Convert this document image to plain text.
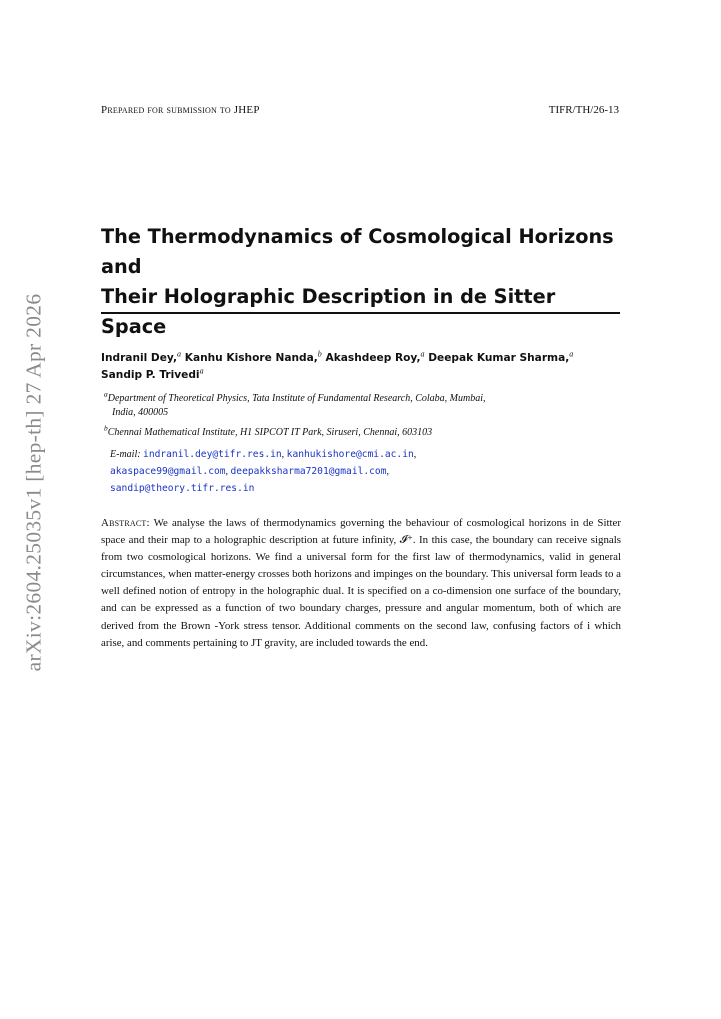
arXiv:2604.25035v1 [hep-th] 27 Apr 2026
Prepared for submission to JHEP	TIFR/TH/26-13
The Thermodynamics of Cosmological Horizons and
Their Holographic Description in de Sitter Space
Indranil Dey,$^a$ Kanhu Kishore Nanda,$^b$ Akashdeep Roy,$^a$ Deepak Kumar Sharma,$^a$
Sandip P. Trivedi$^a$
$^a$Department of Theoretical Physics, Tata Institute of Fundamental Research, Colaba, Mumbai,
India, 400005
$^b$Chennai Mathematical Institute, H1 SIPCOT IT Park, Siruseri, Chennai, 603103
E-mail: indranil.dey@tifr.res.in, kanhukishore@cmi.ac.in,
akaspace99@gmail.com, deepakksharma7201@gmail.com,
sandip@theory.tifr.res.in

Abstract: We analyse the laws of thermodynamics governing the behaviour of cosmological horizons in de Sitter space and their map to a holographic description at future infinity, 𝓘⁺. In this case, the boundary can receive signals from two cosmological horizons. We find a universal form for the first law of thermodynamics, valid in general circumstances, when matter-energy crosses both horizons and impinges on the boundary. This universal form leads to a well defined notion of entropy in the holographic dual. It is specified on a co-dimension one surface of the boundary, and can be expressed as a function of two boundary charges, pressure and angular momentum, both of which are derived from the Brown -York stress tensor. Additional comments on the second law, confusing factors of i which arise, and comments pertaining to JT gravity, are included towards the end.
